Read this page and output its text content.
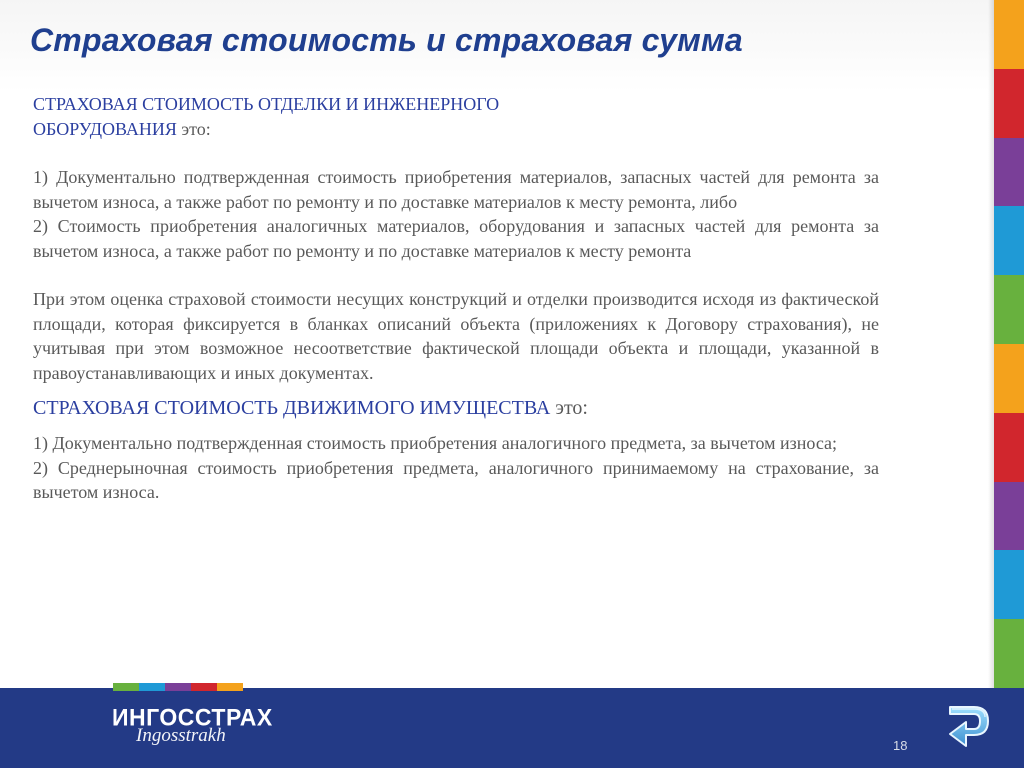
Страховая стоимость и страховая сумма

СТРАХОВАЯ СТОИМОСТЬ ОТДЕЛКИ И ИНЖЕНЕРНОГО
ОБОРУДОВАНИЯ это:

1) Документально подтвержденная стоимость приобретения материалов, запасных частей для ремонта за вычетом износа, а также работ по ремонту и по доставке материалов к месту ремонта, либо

2) Стоимость приобретения аналогичных материалов, оборудования и запасных частей для ремонта за вычетом износа, а также работ по ремонту и по доставке материалов к месту ремонта

При этом оценка страховой стоимости несущих конструкций и отделки производится исходя из фактической площади, которая фиксируется в бланках описаний объекта (приложениях к Договору страхования), не учитывая при этом возможное несоответствие фактической площади объекта и площади, указанной в правоустанавливающих и иных документах.

СТРАХОВАЯ СТОИМОСТЬ ДВИЖИМОГО ИМУЩЕСТВА это:

1) Документально подтвержденная стоимость приобретения аналогичного предмета, за вычетом износа;

2) Среднерыночная стоимость приобретения предмета, аналогичного принимаемому на страхование, за вычетом износа.

ИНГОССТРАХ
Ingosstrakh	18
